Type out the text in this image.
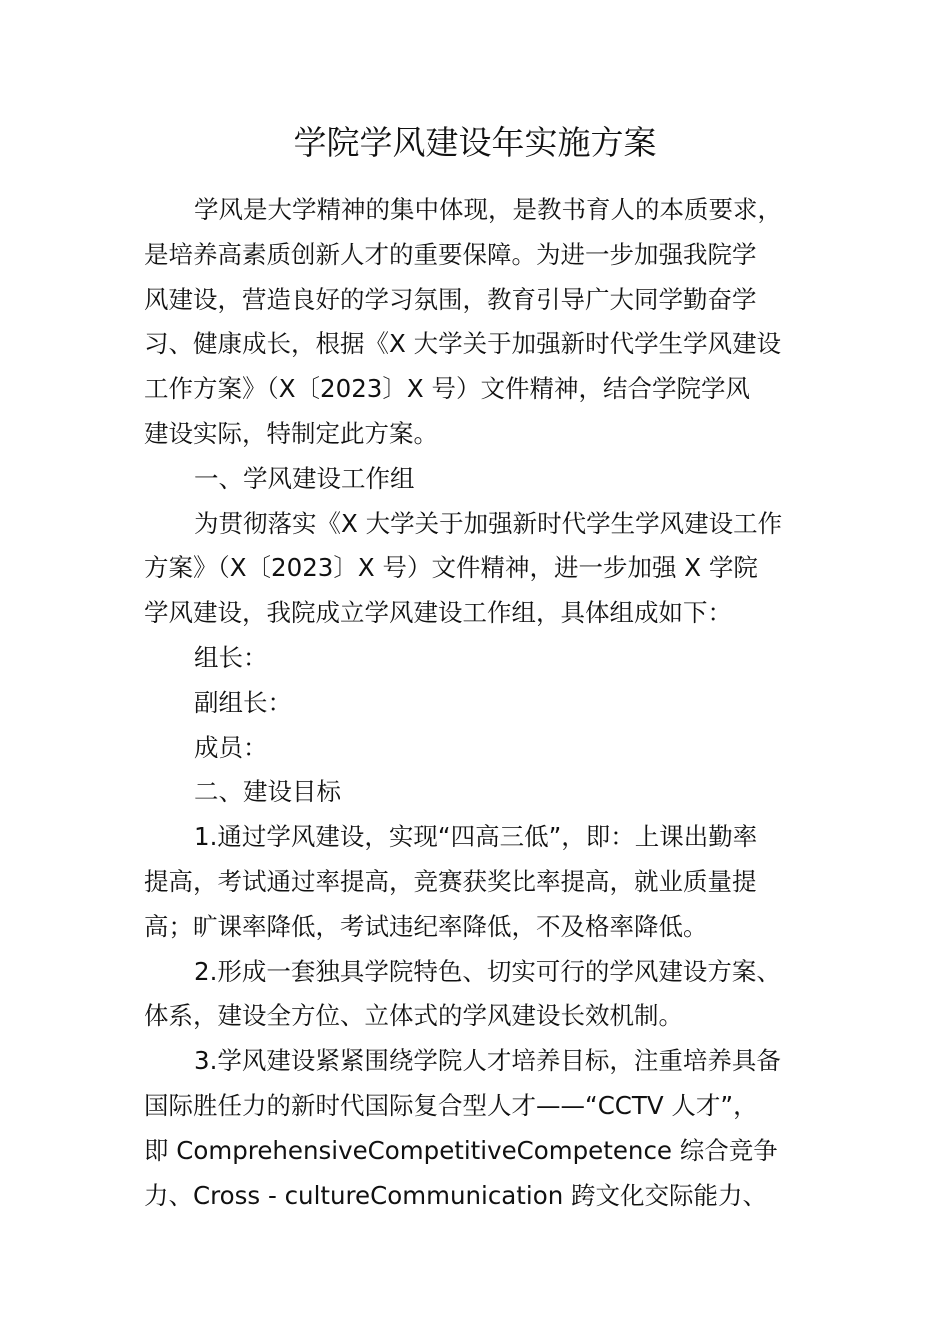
学院学风建设年实施方案
学风是大学精神的集中体现，是教书育人的本质要求，
是培养高素质创新人才的重要保障。为进一步加强我院学
风建设，营造良好的学习氛围，教育引导广大同学勤奋学
习、健康成长，根据《X 大学关于加强新时代学生学风建设
工作方案》（X〔2023〕X 号）文件精神，结合学院学风
建设实际，特制定此方案。
一、学风建设工作组
为贯彻落实《X 大学关于加强新时代学生学风建设工作
方案》（X〔2023〕X 号）文件精神，进一步加强 X 学院
学风建设，我院成立学风建设工作组，具体组成如下：
组长：
副组长：
成员：
二、建设目标
1.通过学风建设，实现“四高三低”，即：上课出勤率
提高，考试通过率提高，竞赛获奖比率提高，就业质量提
高；旷课率降低，考试违纪率降低，不及格率降低。
2.形成一套独具学院特色、切实可行的学风建设方案、
体系，建设全方位、立体式的学风建设长效机制。
3.学风建设紧紧围绕学院人才培养目标，注重培养具备
国际胜任力的新时代国际复合型人才——“CCTV 人才”，
即 ComprehensiveCompetitiveCompetence 综合竞争
力、Cross - cultureCommunication 跨文化交际能力、
